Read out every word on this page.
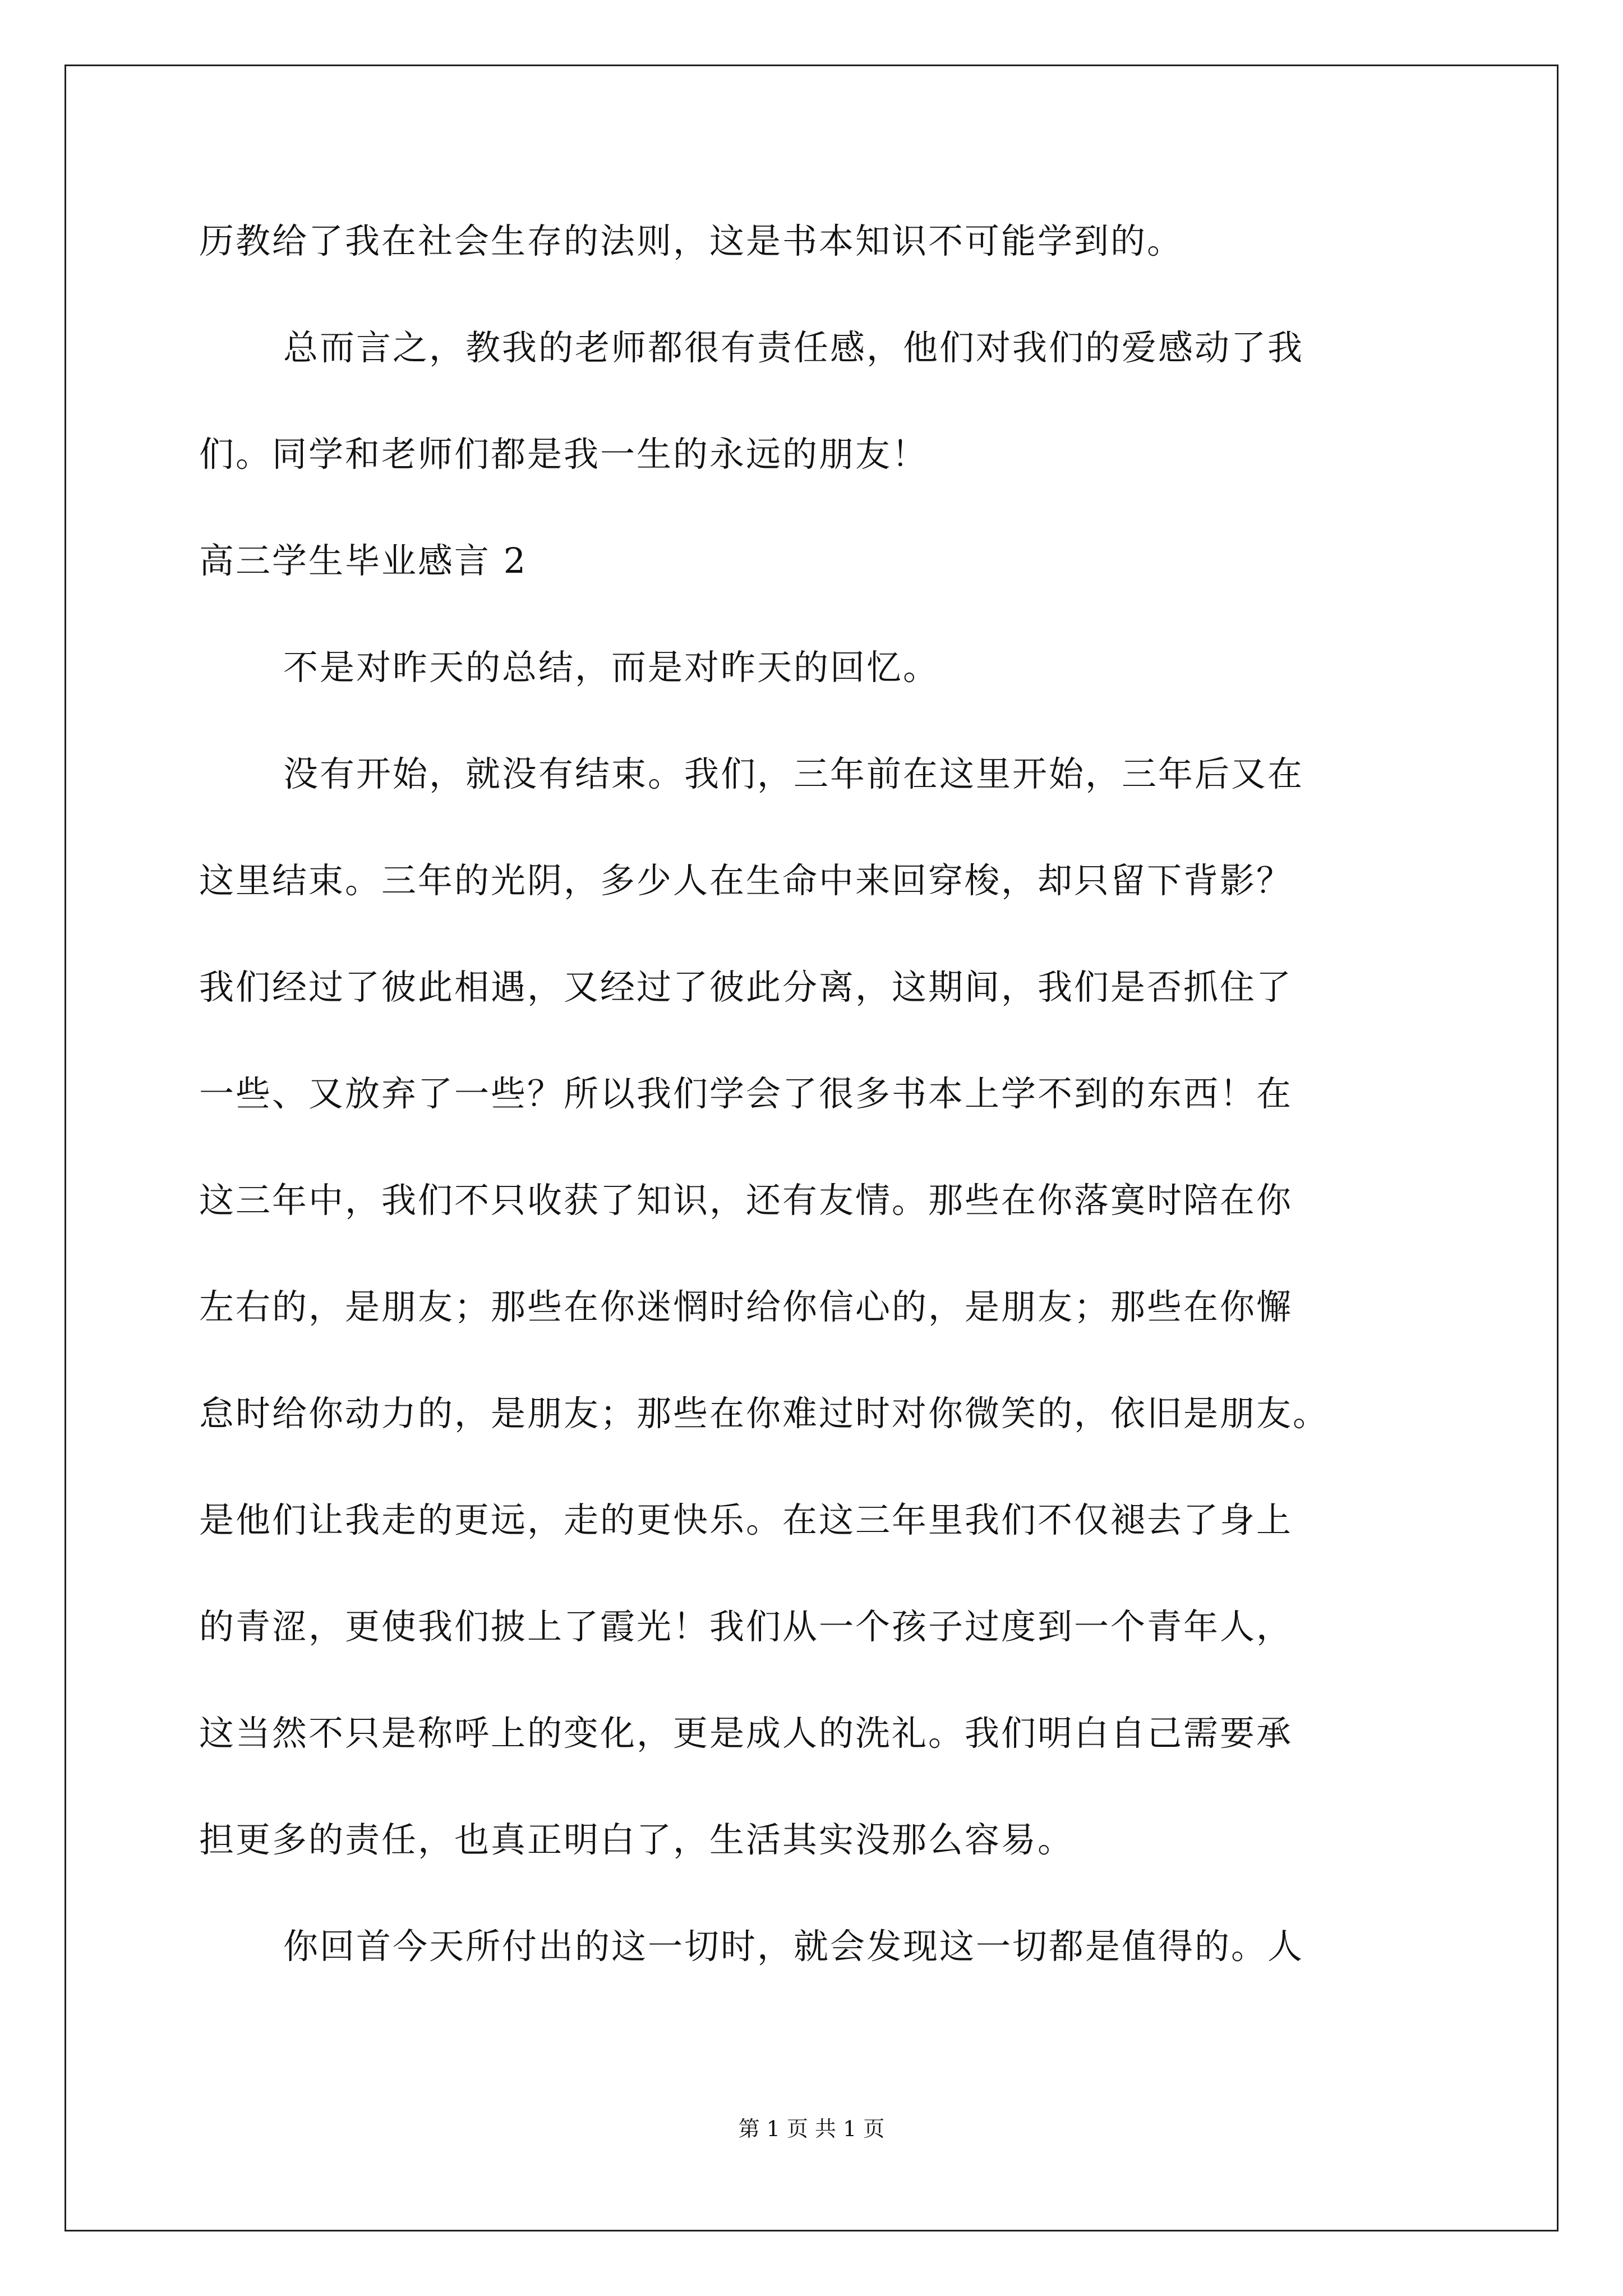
历教给了我在社会生存的法则，这是书本知识不可能学到的。
总而言之，教我的老师都很有责任感，他们对我们的爱感动了我
们。同学和老师们都是我一生的永远的朋友！
高三学生毕业感言 2
不是对昨天的总结，而是对昨天的回忆。
没有开始，就没有结束。我们，三年前在这里开始，三年后又在
这里结束。三年的光阴，多少人在生命中来回穿梭，却只留下背影？
我们经过了彼此相遇，又经过了彼此分离，这期间，我们是否抓住了
一些、又放弃了一些？所以我们学会了很多书本上学不到的东西！在
这三年中，我们不只收获了知识，还有友情。那些在你落寞时陪在你
左右的，是朋友；那些在你迷惘时给你信心的，是朋友；那些在你懈
怠时给你动力的，是朋友；那些在你难过时对你微笑的，依旧是朋友。
是他们让我走的更远，走的更快乐。在这三年里我们不仅褪去了身上
的青涩，更使我们披上了霞光！我们从一个孩子过度到一个青年人，
这当然不只是称呼上的变化，更是成人的洗礼。我们明白自己需要承
担更多的责任，也真正明白了，生活其实没那么容易。
你回首今天所付出的这一切时，就会发现这一切都是值得的。人
第 1 页 共 1 页
